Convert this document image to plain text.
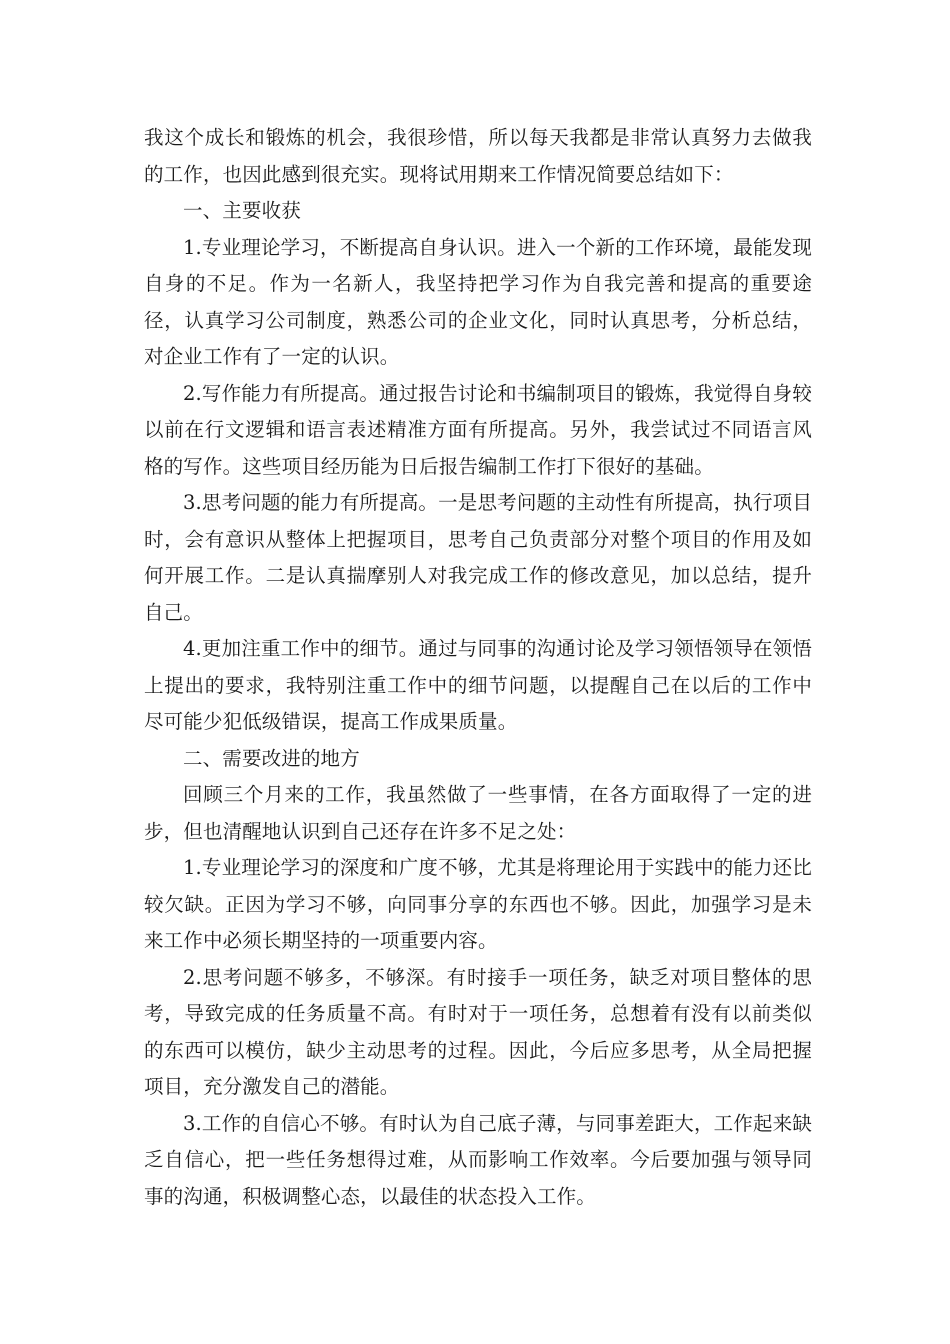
我这个成长和锻炼的机会，我很珍惜，所以每天我都是非常认真努力去做我的工作，也因此感到很充实。现将试用期来工作情况简要总结如下：

一、主要收获

1.专业理论学习，不断提高自身认识。进入一个新的工作环境，最能发现自身的不足。作为一名新人，我坚持把学习作为自我完善和提高的重要途径，认真学习公司制度，熟悉公司的企业文化，同时认真思考，分析总结，对企业工作有了一定的认识。

2.写作能力有所提高。通过报告讨论和书编制项目的锻炼，我觉得自身较以前在行文逻辑和语言表述精准方面有所提高。另外，我尝试过不同语言风格的写作。这些项目经历能为日后报告编制工作打下很好的基础。

3.思考问题的能力有所提高。一是思考问题的主动性有所提高，执行项目时，会有意识从整体上把握项目，思考自己负责部分对整个项目的作用及如何开展工作。二是认真揣摩别人对我完成工作的修改意见，加以总结，提升自己。

4.更加注重工作中的细节。通过与同事的沟通讨论及学习领悟领导在领悟上提出的要求，我特别注重工作中的细节问题，以提醒自己在以后的工作中尽可能少犯低级错误，提高工作成果质量。

二、需要改进的地方

回顾三个月来的工作，我虽然做了一些事情，在各方面取得了一定的进步，但也清醒地认识到自己还存在许多不足之处：

1.专业理论学习的深度和广度不够，尤其是将理论用于实践中的能力还比较欠缺。正因为学习不够，向同事分享的东西也不够。因此，加强学习是未来工作中必须长期坚持的一项重要内容。

2.思考问题不够多，不够深。有时接手一项任务，缺乏对项目整体的思考，导致完成的任务质量不高。有时对于一项任务，总想着有没有以前类似的东西可以模仿，缺少主动思考的过程。因此，今后应多思考，从全局把握项目，充分激发自己的潜能。

3.工作的自信心不够。有时认为自己底子薄，与同事差距大，工作起来缺乏自信心，把一些任务想得过难，从而影响工作效率。今后要加强与领导同事的沟通，积极调整心态，以最佳的状态投入工作。
